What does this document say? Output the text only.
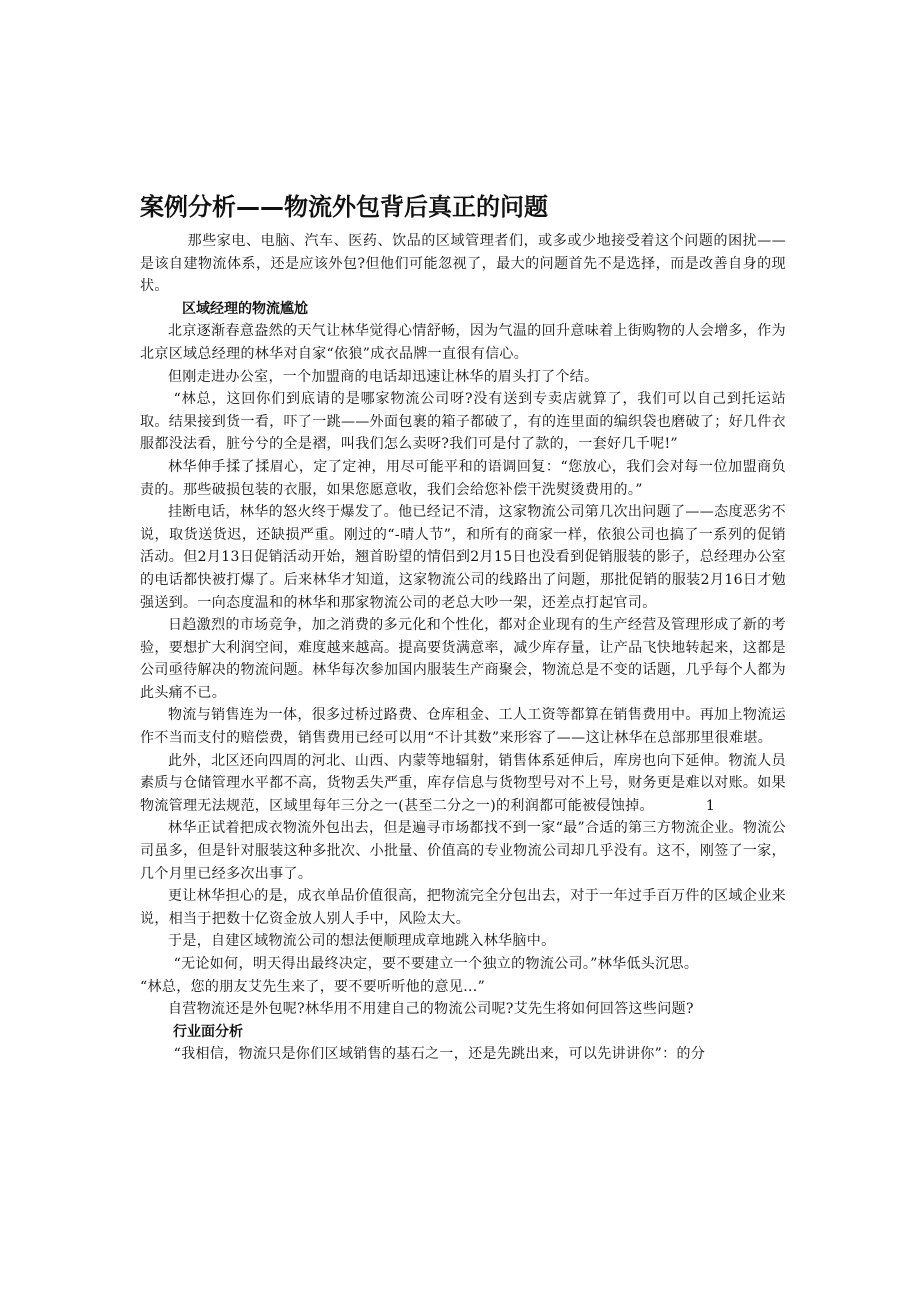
案例分析——物流外包背后真正的问题

那些家电、电脑、汽车、医药、饮品的区域管理者们，或多或少地接受着这个问题的困扰——是该自建物流体系，还是应该外包?但他们可能忽视了，最大的问题首先不是选择，而是改善自身的现状。

区域经理的物流尴尬

北京逐渐春意盎然的天气让林华觉得心情舒畅，因为气温的回升意味着上街购物的人会增多，作为北京区域总经理的林华对自家“依狼”成衣品牌一直很有信心。

但刚走进办公室，一个加盟商的电话却迅速让林华的眉头打了个结。

“林总，这回你们到底请的是哪家物流公司呀?没有送到专卖店就算了，我们可以自己到托运站取。结果接到货一看，吓了一跳——外面包裹的箱子都破了，有的连里面的编织袋也磨破了；好几件衣服都没法看，脏兮兮的全是褶，叫我们怎么卖呀?我们可是付了款的，一套好几千呢!”

林华伸手揉了揉眉心，定了定神，用尽可能平和的语调回复：“您放心，我们会对每一位加盟商负责的。那些破损包装的衣服，如果您愿意收，我们会给您补偿干洗熨烫费用的。”

挂断电话，林华的怒火终于爆发了。他已经记不清，这家物流公司第几次出问题了——态度恶劣不说，取货送货迟，还缺损严重。刚过的“-晴人节”，和所有的商家一样，依狼公司也搞了一系列的促销活动。但2月13日促销活动开始，翘首盼望的情侣到2月15日也没看到促销服装的影子，总经理办公室的电话都快被打爆了。后来林华才知道，这家物流公司的线路出了问题，那批促销的服装2月16日才勉强送到。一向态度温和的林华和那家物流公司的老总大吵一架，还差点打起官司。

日趋激烈的市场竞争，加之消费的多元化和个性化，都对企业现有的生产经营及管理形成了新的考验，要想扩大利润空间，难度越来越高。提高要货满意率，减少库存量，让产品飞快地转起来，这都是公司亟待解决的物流问题。林华每次参加国内服装生产商聚会，物流总是不变的话题，几乎每个人都为此头痛不已。

物流与销售连为一体，很多过桥过路费、仓库租金、工人工资等都算在销售费用中。再加上物流运作不当而支付的赔偿费，销售费用已经可以用“不计其数”来形容了——这让林华在总部那里很难堪。

此外，北区还向四周的河北、山西、内蒙等地辐射，销售体系延伸后，库房也向下延伸。物流人员素质与仓储管理水平都不高，货物丢失严重，库存信息与货物型号对不上号，财务更是难以对账。如果物流管理无法规范，区域里每年三分之一(甚至二分之一)的利润都可能被侵蚀掉。	1

林华正试着把成衣物流外包出去，但是遍寻市场都找不到一家“最”合适的第三方物流企业。物流公司虽多，但是针对服装这种多批次、小批量、价值高的专业物流公司却几乎没有。这不，刚签了一家，几个月里已经多次出事了。

更让林华担心的是，成衣单品价值很高，把物流完全分包出去，对于一年过手百万件的区域企业来说，相当于把数十亿资金放人别人手中，风险太大。

于是，自建区域物流公司的想法便顺理成章地跳入林华脑中。

“无论如何，明天得出最终决定，要不要建立一个独立的物流公司。”林华低头沉思。

“林总，您的朋友艾先生来了，要不要听听他的意见...”

自营物流还是外包呢?林华用不用建自己的物流公司呢?艾先生将如何回答这些问题?

行业面分析

“我相信，物流只是你们区域销售的基石之一，还是先跳出来，可以先讲讲你”：的分
